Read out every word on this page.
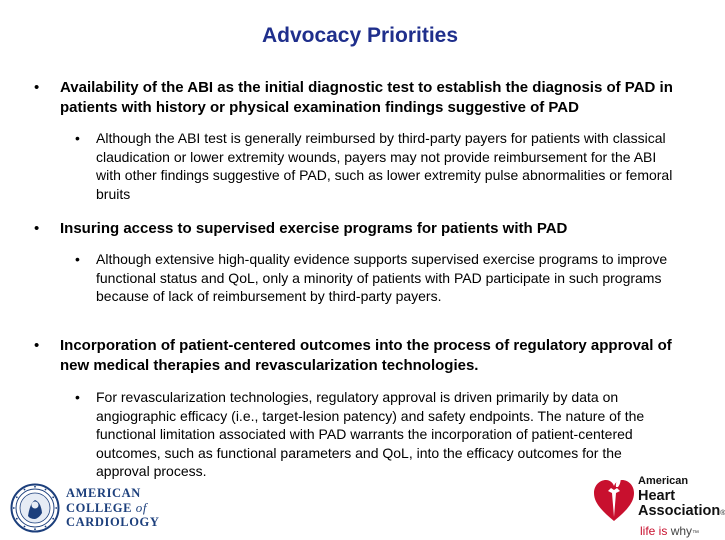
Advocacy Priorities
• Availability of the ABI as the initial diagnostic test to establish the diagnosis of PAD in patients with history or physical examination findings suggestive of PAD
• Although the ABI test is generally reimbursed by third-party payers for patients with classical claudication or lower extremity wounds, payers may not provide reimbursement for the ABI with other findings suggestive of PAD, such as lower extremity pulse abnormalities or femoral bruits
• Insuring access to supervised exercise programs for patients with PAD
• Although extensive high-quality evidence supports supervised exercise programs to improve functional status and QoL, only a minority of patients with PAD participate in such programs because of lack of reimbursement by third-party payers.
• Incorporation of patient-centered outcomes into the process of regulatory approval of new medical therapies and revascularization technologies.
• For revascularization technologies, regulatory approval is driven primarily by data on angiographic efficacy (i.e., target-lesion patency) and safety endpoints. The nature of the functional limitation associated with PAD warrants the incorporation of patient-centered outcomes, such as functional parameters and QoL, into the efficacy outcomes for the approval process.
AMERICAN
COLLEGE of
CARDIOLOGY
American
Heart
Association®
life is why™
